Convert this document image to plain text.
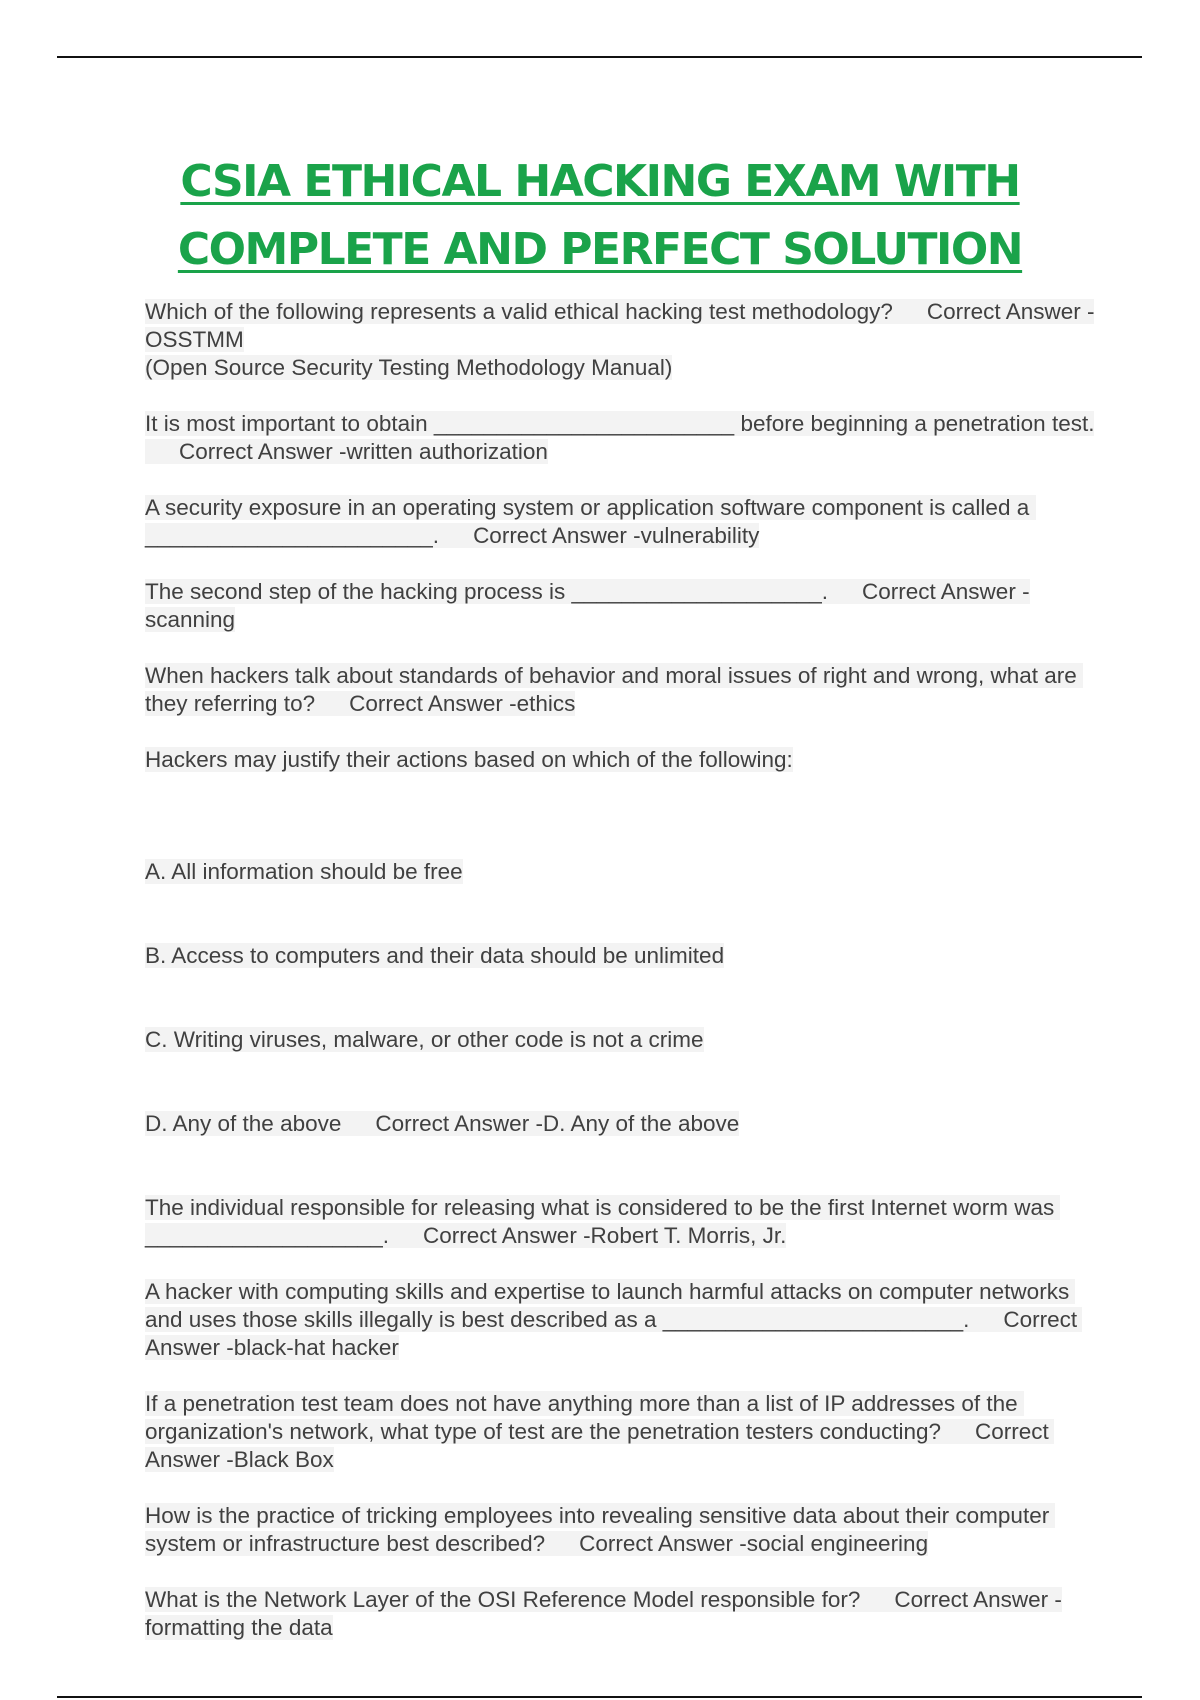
CSIA ETHICAL HACKING EXAM WITH
COMPLETE AND PERFECT SOLUTION

Which of the following represents a valid ethical hacking test methodology? Correct Answer -OSSTMM
(Open Source Security Testing Methodology Manual)

It is most important to obtain ________________________ before beginning a penetration test.Correct Answer -written authorization

A security exposure in an operating system or application software component is called a _______________________. Correct Answer -vulnerability

The second step of the hacking process is ____________________. Correct Answer -scanning

When hackers talk about standards of behavior and moral issues of right and wrong, what are they referring to? Correct Answer -ethics

Hackers may justify their actions based on which of the following:

A. All information should be free

B. Access to computers and their data should be unlimited

C. Writing viruses, malware, or other code is not a crime

D. Any of the above Correct Answer -D. Any of the above

The individual responsible for releasing what is considered to be the first Internet worm was ___________________. Correct Answer -Robert T. Morris, Jr.

A hacker with computing skills and expertise to launch harmful attacks on computer networks and uses those skills illegally is best described as a ________________________. Correct Answer -black-hat hacker

If a penetration test team does not have anything more than a list of IP addresses of the organization's network, what type of test are the penetration testers conducting? Correct Answer -Black Box

How is the practice of tricking employees into revealing sensitive data about their computer system or infrastructure best described? Correct Answer -social engineering

What is the Network Layer of the OSI Reference Model responsible for? Correct Answer -formatting the data
